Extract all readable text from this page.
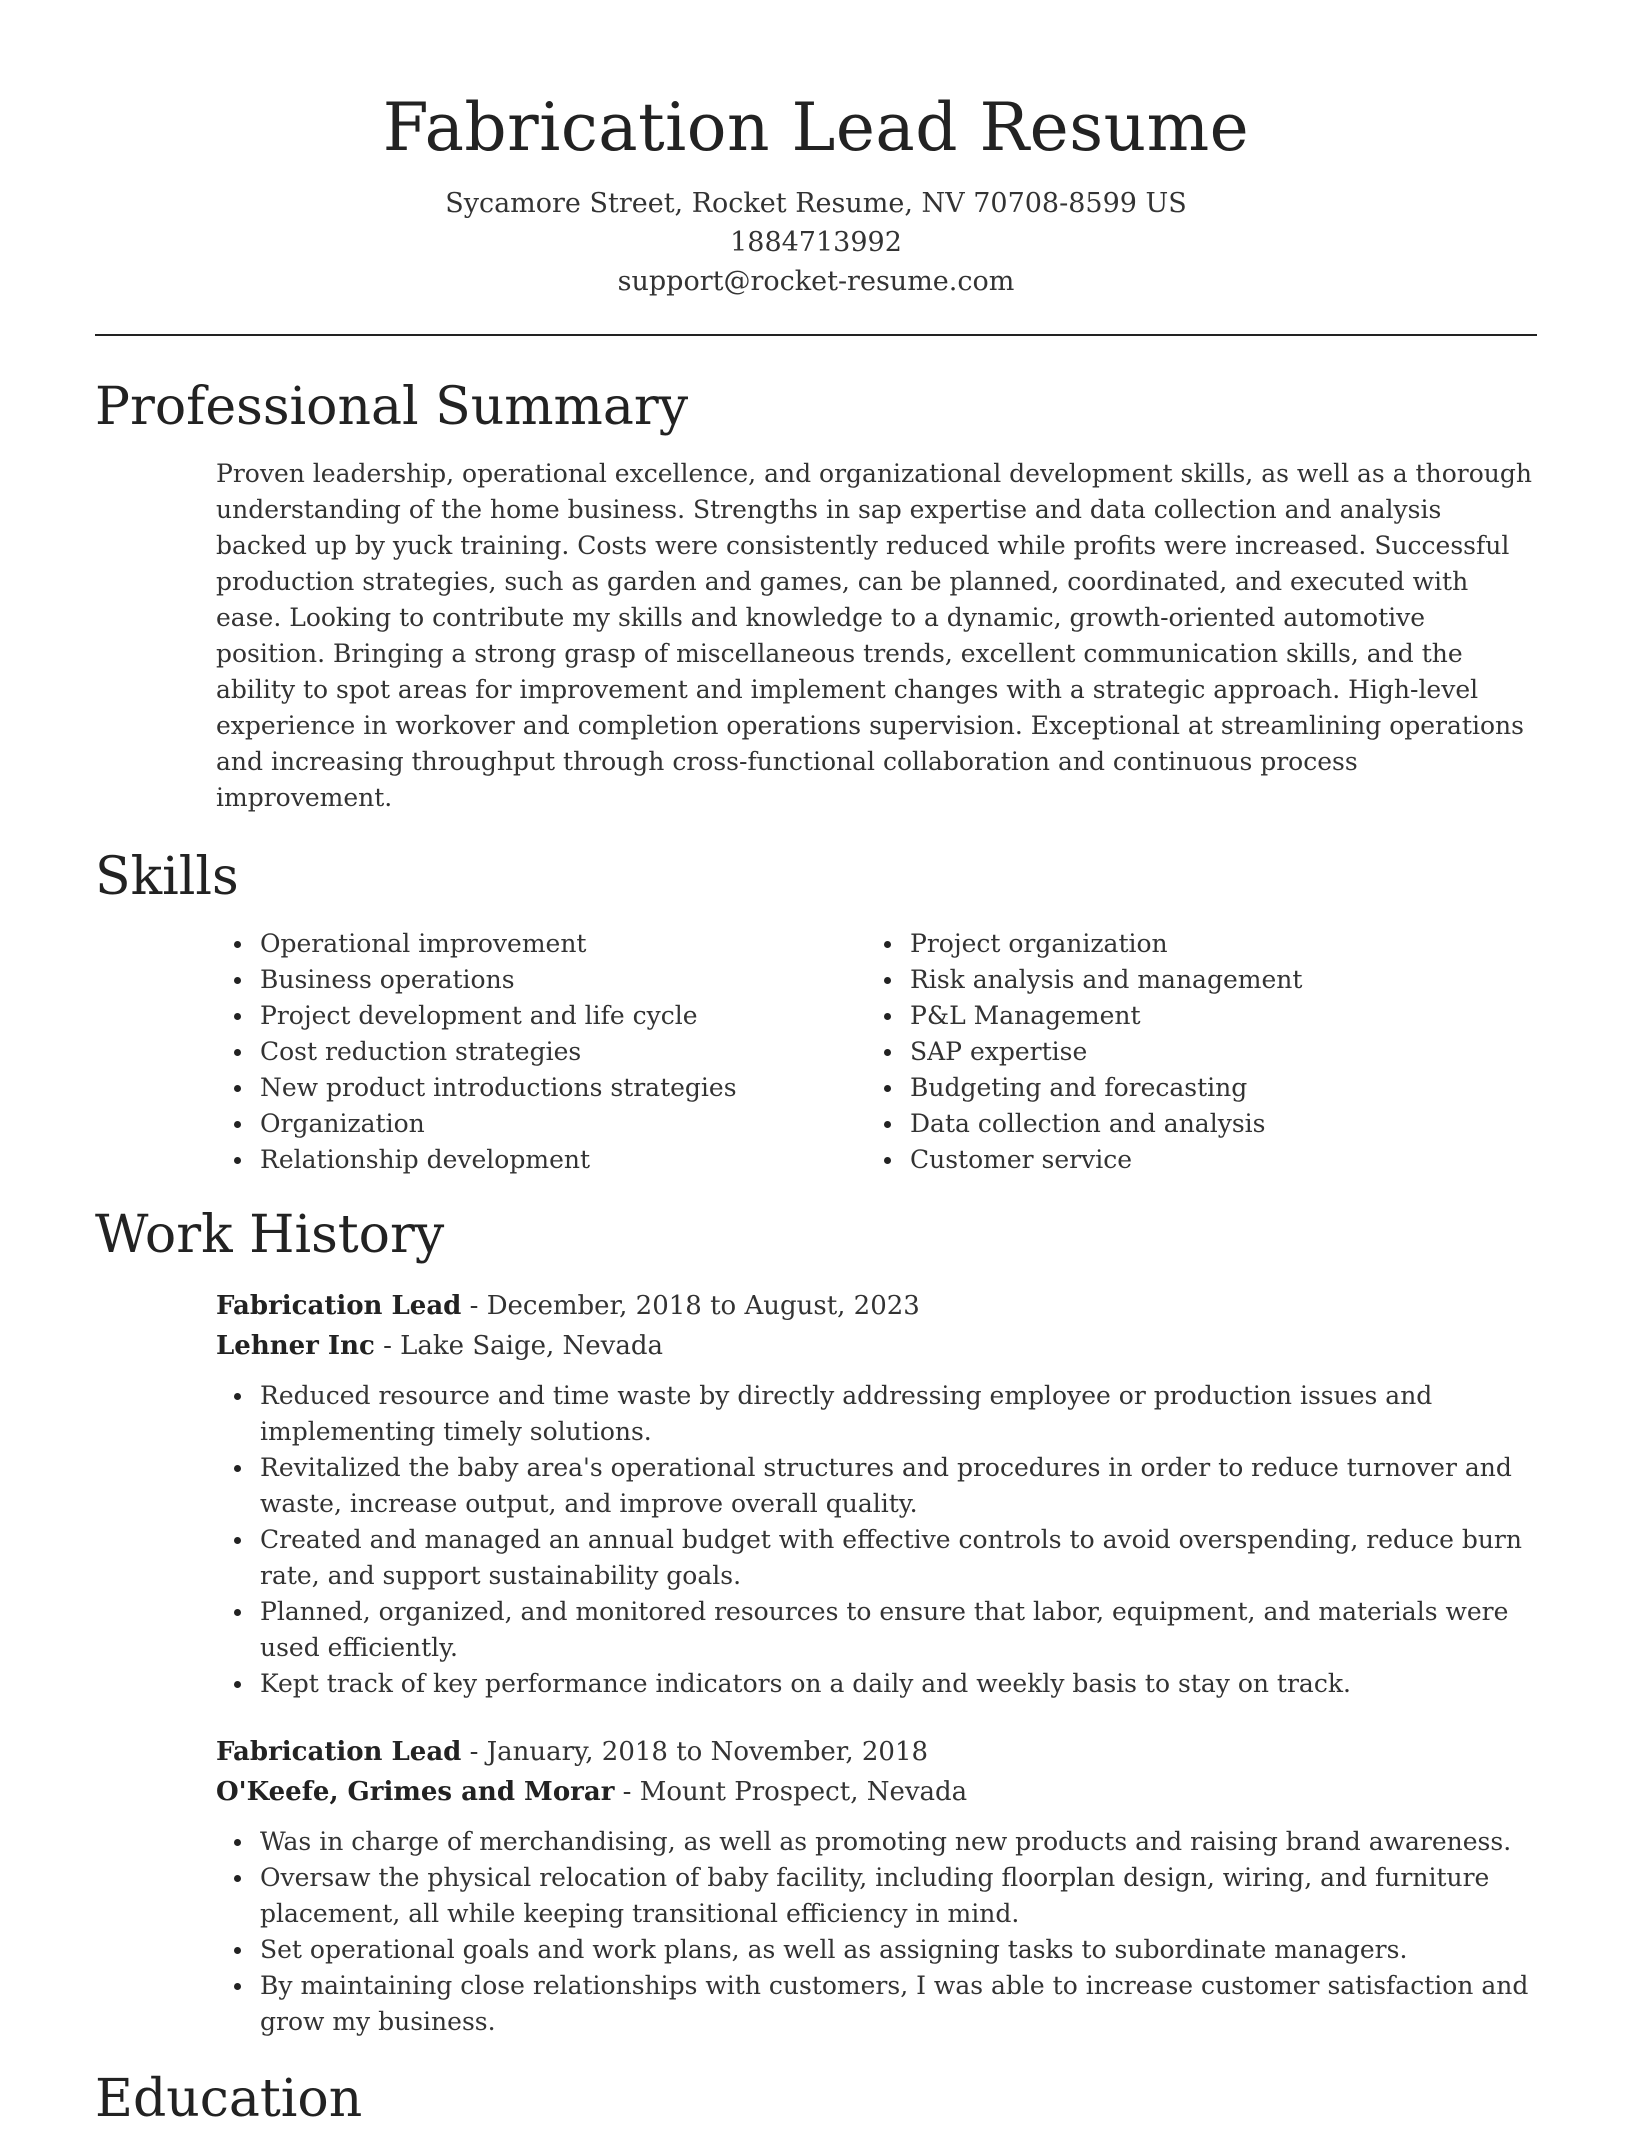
Fabrication Lead Resume
Sycamore Street, Rocket Resume, NV 70708-8599 US
1884713992
support@rocket-resume.com
Professional Summary

Proven leadership, operational excellence, and organizational development skills, as well as a thorough understanding of the home business. Strengths in sap expertise and data collection and analysis backed up by yuck training. Costs were consistently reduced while profits were increased. Successful production strategies, such as garden and games, can be planned, coordinated, and executed with ease. Looking to contribute my skills and knowledge to a dynamic, growth-oriented automotive position. Bringing a strong grasp of miscellaneous trends, excellent communication skills, and the ability to spot areas for improvement and implement changes with a strategic approach. High-level experience in workover and completion operations supervision. Exceptional at streamlining operations and increasing throughput through cross-functional collaboration and continuous process improvement.

Skills
Operational improvement
Business operations
Project development and life cycle
Cost reduction strategies
New product introductions strategies
Organization
Relationship development
Project organization
Risk analysis and management
P&L Management
SAP expertise
Budgeting and forecasting
Data collection and analysis
Customer service
Work History
Fabrication Lead - December, 2018 to August, 2023
Lehner Inc - Lake Saige, Nevada
Reduced resource and time waste by directly addressing employee or production issues and implementing timely solutions.
Revitalized the baby area's operational structures and procedures in order to reduce turnover and waste, increase output, and improve overall quality.
Created and managed an annual budget with effective controls to avoid overspending, reduce burn rate, and support sustainability goals.
Planned, organized, and monitored resources to ensure that labor, equipment, and materials were used efficiently.
Kept track of key performance indicators on a daily and weekly basis to stay on track.
Fabrication Lead - January, 2018 to November, 2018
O'Keefe, Grimes and Morar - Mount Prospect, Nevada
Was in charge of merchandising, as well as promoting new products and raising brand awareness.
Oversaw the physical relocation of baby facility, including floorplan design, wiring, and furniture placement, all while keeping transitional efficiency in mind.
Set operational goals and work plans, as well as assigning tasks to subordinate managers.
By maintaining close relationships with customers, I was able to increase customer satisfaction and grow my business.
Education
